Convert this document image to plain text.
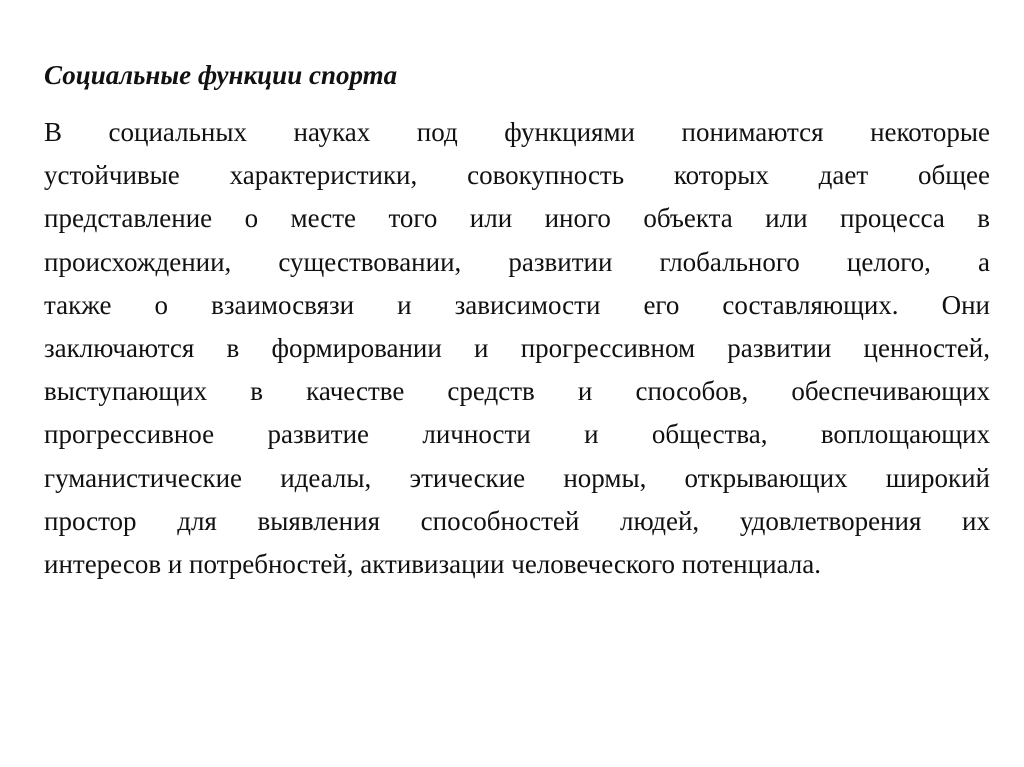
Социальные функции спорта

В социальных науках под функциями понимаются некоторые
устойчивые характеристики, совокупность которых дает общее
представление о месте того или иного объекта или процесса в
происхождении, существовании, развитии глобального целого, а
также о взаимосвязи и зависимости его составляющих. Они
заключаются в формировании и прогрессивном развитии ценностей,
выступающих в качестве средств и способов, обеспечивающих
прогрессивное развитие личности и общества, воплощающих
гуманистические идеалы, этические нормы, открывающих широкий
простор для выявления способностей людей, удовлетворения их
интересов и потребностей, активизации человеческого потенциала.
